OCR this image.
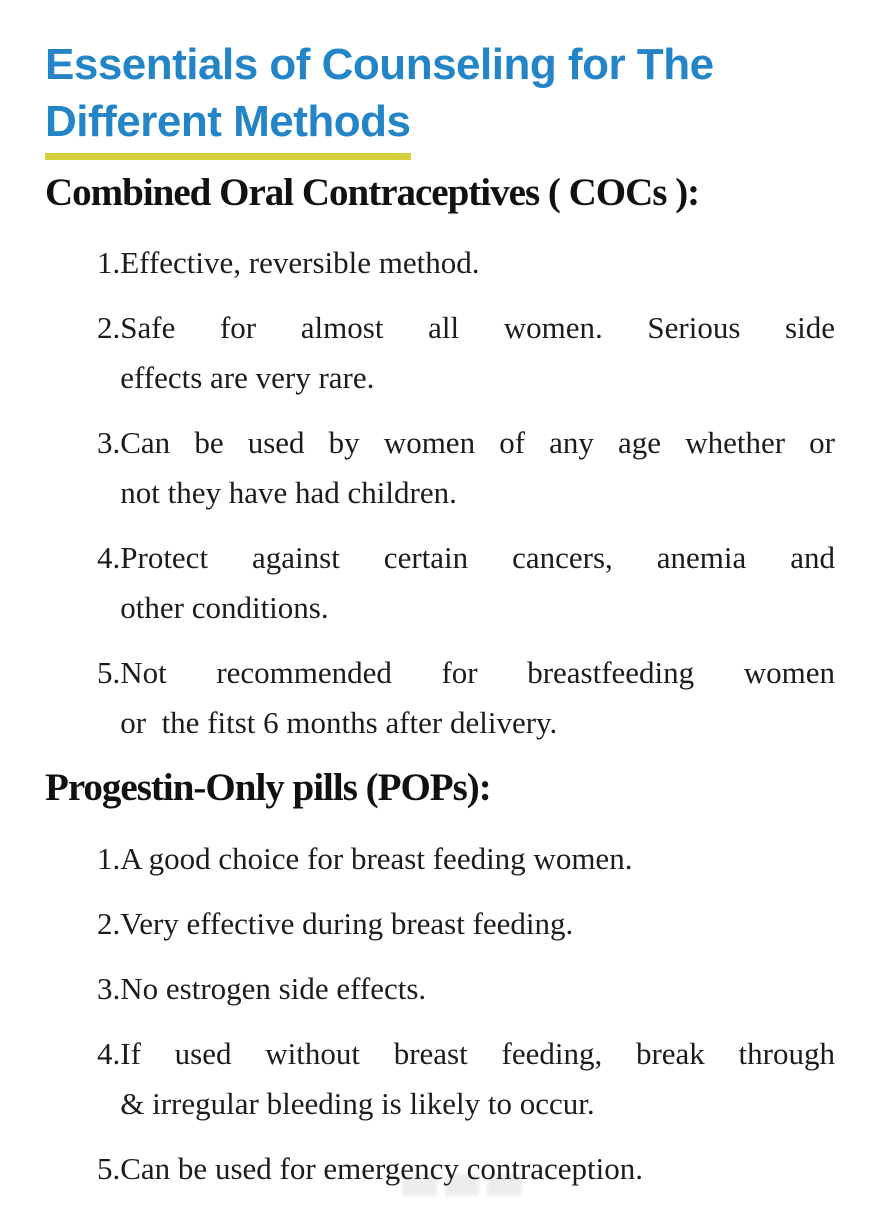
Essentials of Counseling for The
Different Methods
Combined Oral Contraceptives ( COCs ):
1. Effective, reversible method.
2. Safe for almost all women. Serious side
effects are very rare.
3. Can be used by women of any age whether or
not they have had children.
4. Protect against certain cancers, anemia and
other conditions.
5. Not recommended for breastfeeding women
or  the fitst 6 months after delivery.
Progestin-Only pills (POPs):
1. A good choice for breast feeding women.
2. Very effective during breast feeding.
3. No estrogen side effects.
4. If used without breast feeding, break through
& irregular bleeding is likely to occur.
5. Can be used for emergency contraception.
